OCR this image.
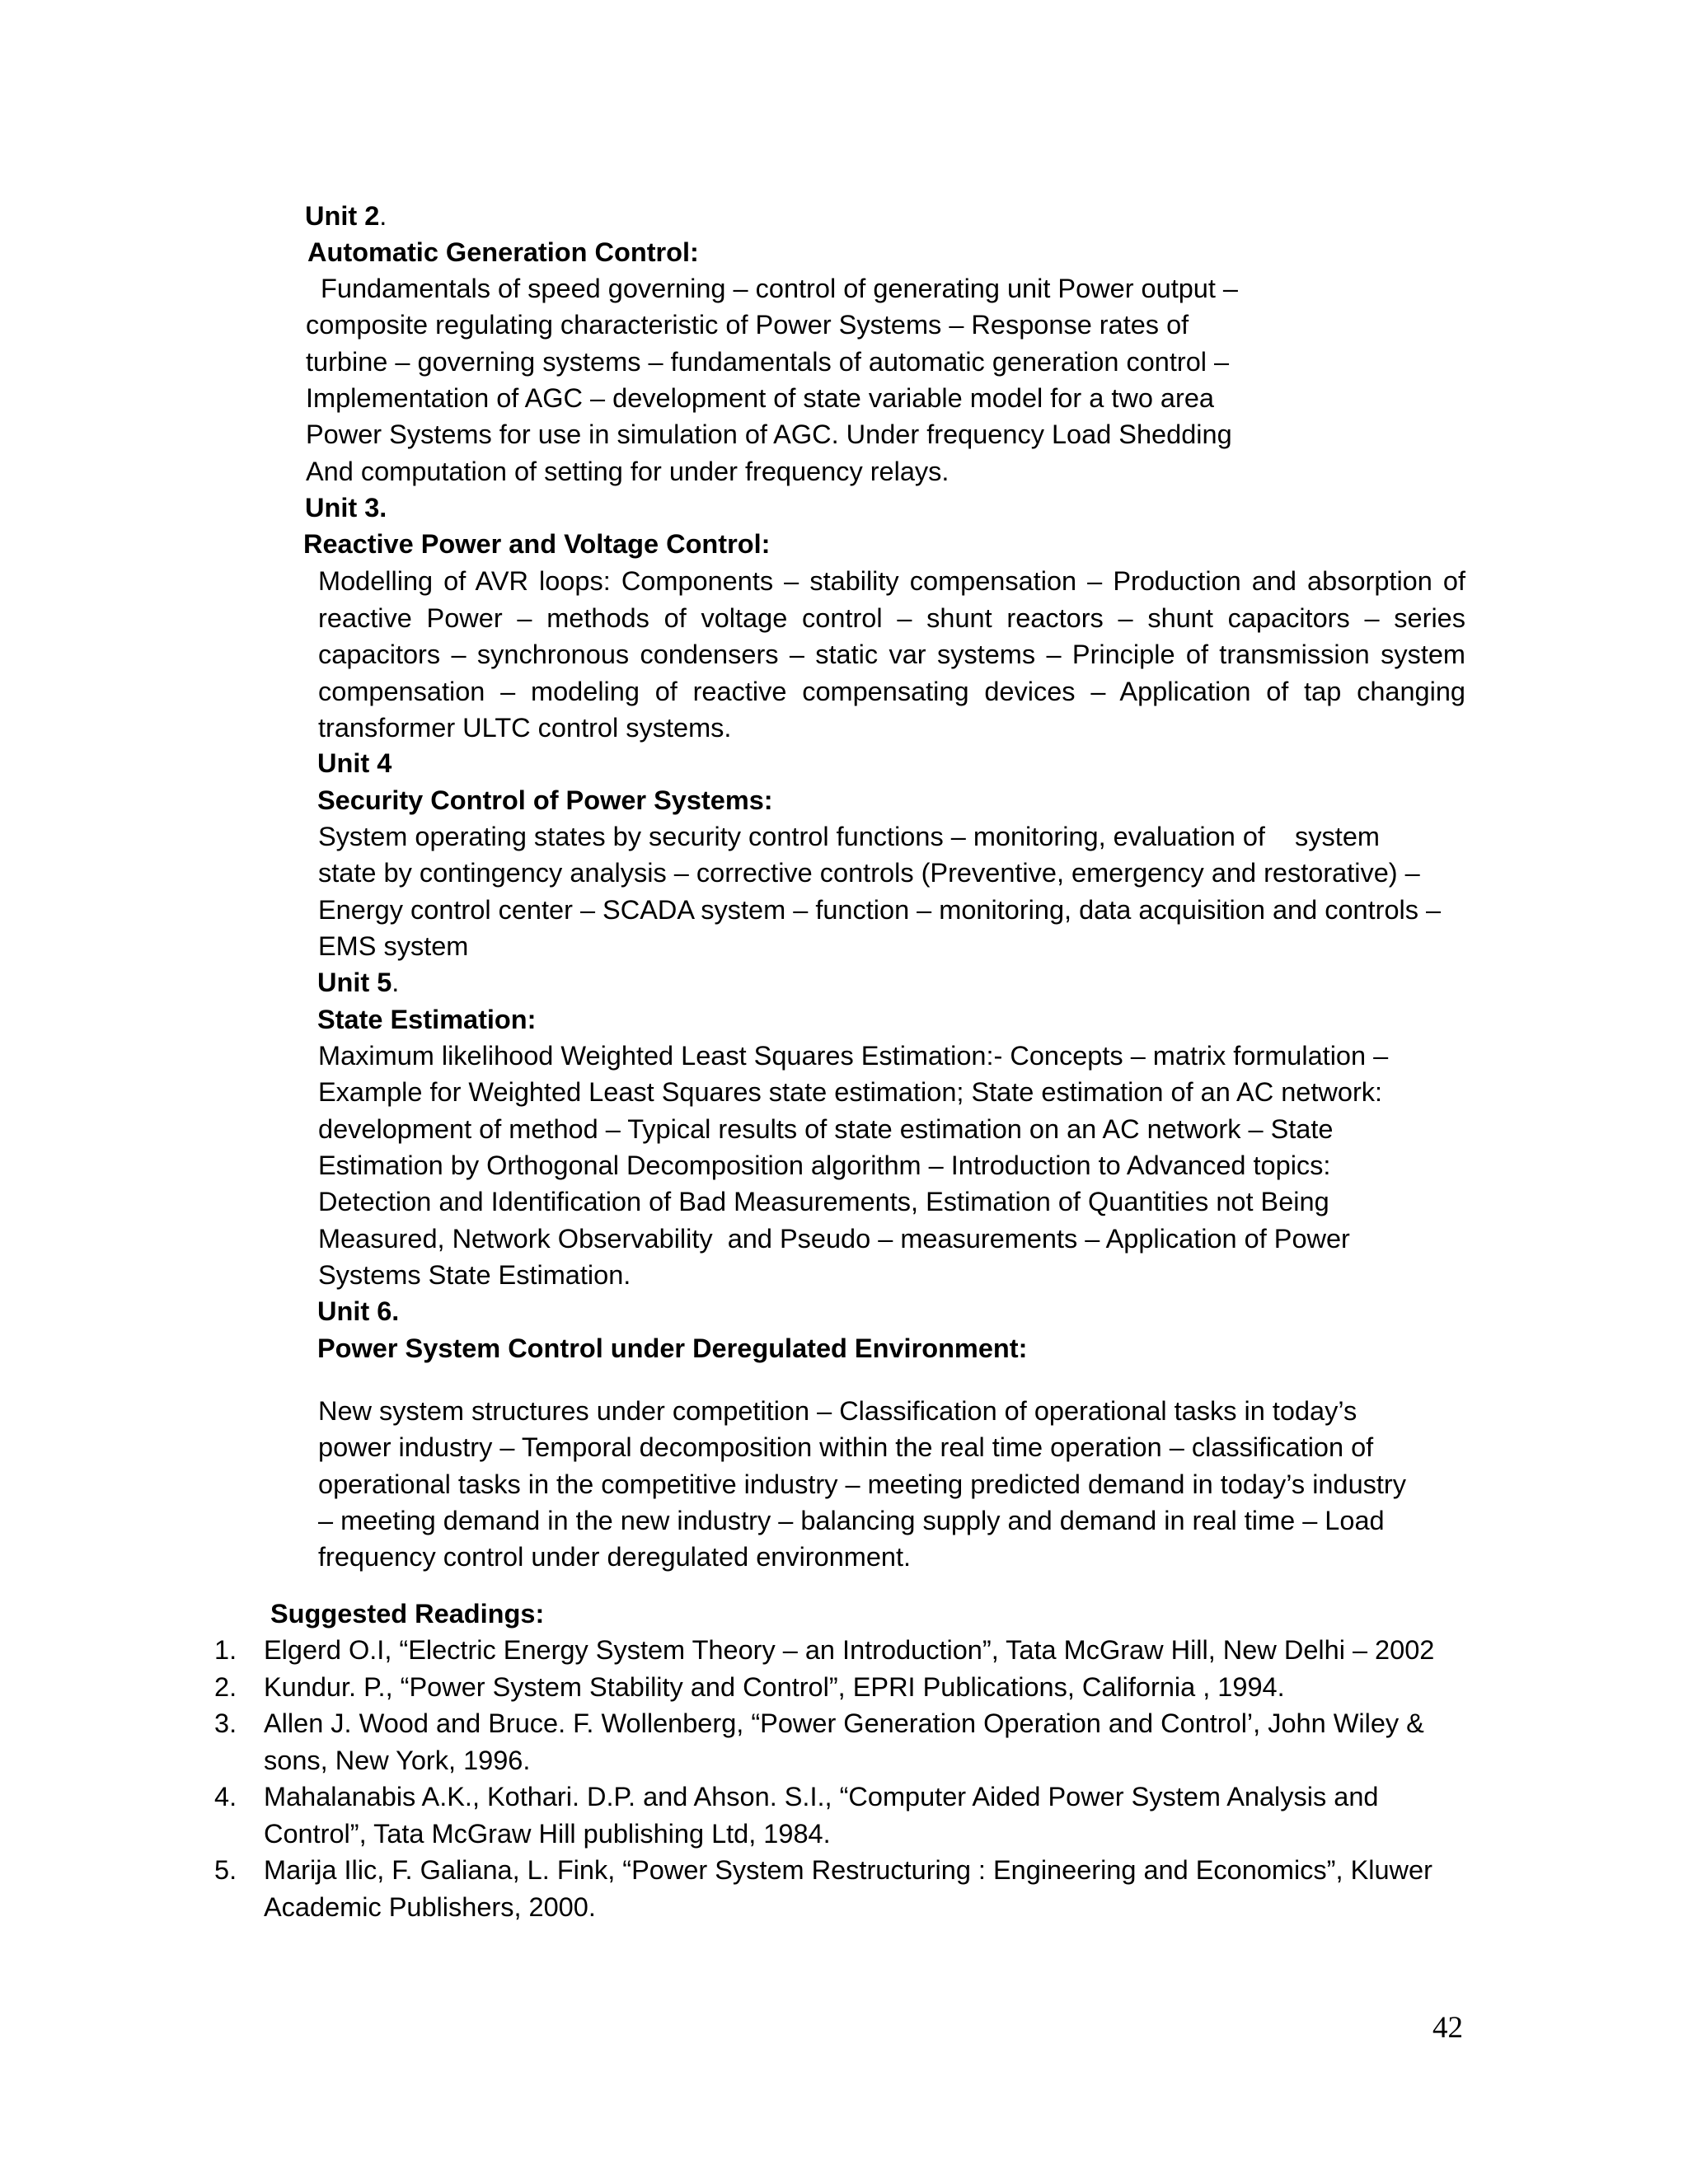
Unit 2.

Automatic Generation Control:

Fundamentals of speed governing – control of generating unit Power output –

composite regulating characteristic of Power Systems – Response rates of

turbine – governing systems – fundamentals of automatic generation control –

Implementation of AGC – development of state variable model for a two area

Power Systems for use in simulation of AGC. Under frequency Load Shedding

And computation of setting for under frequency relays.

Unit 3.

Reactive Power and Voltage Control:

Modelling of AVR loops: Components – stability compensation – Production and absorption of reactive Power – methods of voltage control – shunt reactors – shunt capacitors – series capacitors – synchronous condensers – static var systems – Principle of transmission system compensation – modeling of reactive compensating devices – Application of tap changing transformer ULTC control systems.

Unit 4

Security Control of Power Systems:

System operating states by security control functions – monitoring, evaluation of    system

state by contingency analysis – corrective controls (Preventive, emergency and restorative) –

Energy control center – SCADA system – function – monitoring, data acquisition and controls –

EMS system

Unit 5.

State Estimation:

Maximum likelihood Weighted Least Squares Estimation:- Concepts – matrix formulation –

Example for Weighted Least Squares state estimation; State estimation of an AC network:

development of method – Typical results of state estimation on an AC network – State

Estimation by Orthogonal Decomposition algorithm – Introduction to Advanced topics:

Detection and Identification of Bad Measurements, Estimation of Quantities not Being

Measured, Network Observability  and Pseudo – measurements – Application of Power

Systems State Estimation.

Unit 6.

Power System Control under Deregulated Environment:

New system structures under competition – Classification of operational tasks in today’s

power industry – Temporal decomposition within the real time operation – classification of

operational tasks in the competitive industry – meeting predicted demand in today’s industry

– meeting demand in the new industry – balancing supply and demand in real time – Load

frequency control under deregulated environment.

Suggested Readings:

1. Elgerd O.I, “Electric Energy System Theory – an Introduction”, Tata McGraw Hill, New Delhi – 2002
2. Kundur. P., “Power System Stability and Control”, EPRI Publications, California , 1994.
3. Allen J. Wood and Bruce. F. Wollenberg, “Power Generation Operation and Control’, John Wiley & sons, New York, 1996.
4. Mahalanabis A.K., Kothari. D.P. and Ahson. S.I., “Computer Aided Power System Analysis and Control”, Tata McGraw Hill publishing Ltd, 1984.
5. Marija Ilic, F. Galiana, L. Fink, “Power System Restructuring : Engineering and Economics”, Kluwer Academic Publishers, 2000.

42
